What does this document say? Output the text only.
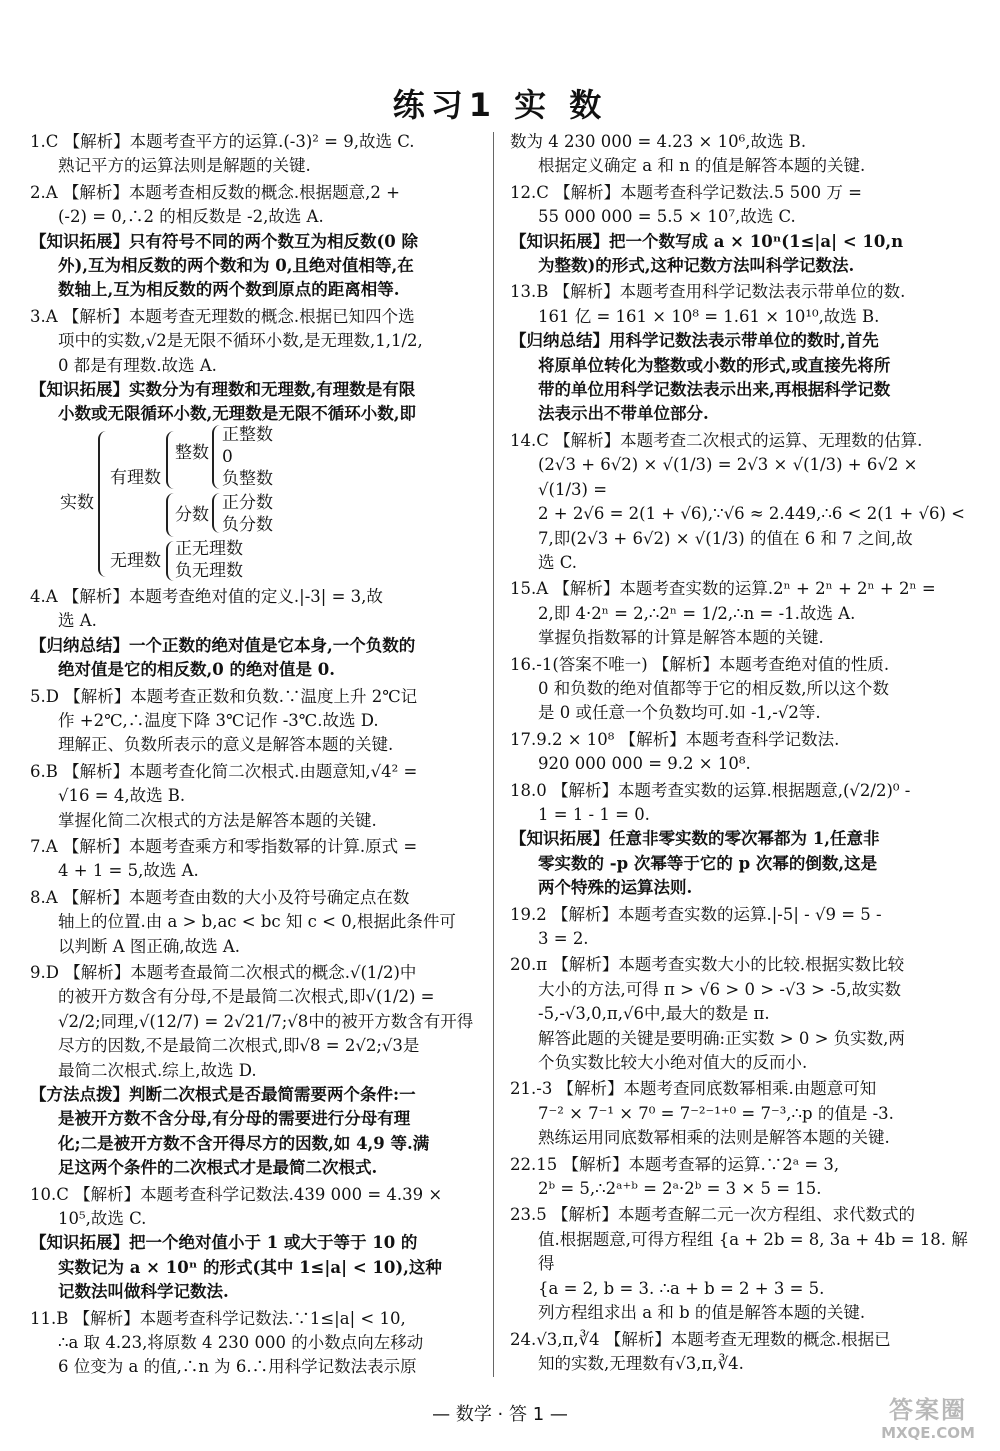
练习1 实 数
1.C 【解析】本题考查平方的运算.(-3)² = 9,故选 C.
熟记平方的运算法则是解题的关键.
2.A 【解析】本题考查相反数的概念.根据题意,2 +
(-2) = 0,∴2 的相反数是 -2,故选 A.
【知识拓展】只有符号不同的两个数互为相反数(0 除
外),互为相反数的两个数和为 0,且绝对值相等,在
数轴上,互为相反数的两个数到原点的距离相等.
3.A 【解析】本题考查无理数的概念.根据已知四个选
项中的实数,√2是无限不循环小数,是无理数,1,1/2,
0 都是有理数.故选 A.
【知识拓展】实数分为有理数和无理数,有理数是有限
小数或无限循环小数,无理数是无限不循环小数,即
实数
有理数
整数
正整数
0
负整数
分数
正分数
负分数
无理数
正无理数
负无理数
4.A 【解析】本题考查绝对值的定义.|-3| = 3,故
选 A.
【归纳总结】一个正数的绝对值是它本身,一个负数的
绝对值是它的相反数,0 的绝对值是 0.
5.D 【解析】本题考查正数和负数.∵温度上升 2℃记
作 +2℃,∴温度下降 3℃记作 -3℃.故选 D.
理解正、负数所表示的意义是解答本题的关键.
6.B 【解析】本题考查化简二次根式.由题意知,√4² =
√16 = 4,故选 B.
掌握化简二次根式的方法是解答本题的关键.
7.A 【解析】本题考查乘方和零指数幂的计算.原式 =
4 + 1 = 5,故选 A.
8.A 【解析】本题考查由数的大小及符号确定点在数
轴上的位置.由 a > b,ac < bc 知 c < 0,根据此条件可
以判断 A 图正确,故选 A.
9.D 【解析】本题考查最简二次根式的概念.√(1/2)中
的被开方数含有分母,不是最简二次根式,即√(1/2) =
√2/2;同理,√(12/7) = 2√21/7;√8中的被开方数含有开得
尽方的因数,不是最简二次根式,即√8 = 2√2;√3是
最简二次根式.综上,故选 D.
【方法点拨】判断二次根式是否最简需要两个条件:一
是被开方数不含分母,有分母的需要进行分母有理
化;二是被开方数不含开得尽方的因数,如 4,9 等.满
足这两个条件的二次根式才是最简二次根式.
10.C 【解析】本题考查科学记数法.439 000 = 4.39 ×
10⁵,故选 C.
【知识拓展】把一个绝对值小于 1 或大于等于 10 的
实数记为 a × 10ⁿ 的形式(其中 1≤|a| < 10),这种
记数法叫做科学记数法.
11.B 【解析】本题考查科学记数法.∵1≤|a| < 10,
∴a 取 4.23,将原数 4 230 000 的小数点向左移动
6 位变为 a 的值,∴n 为 6.∴用科学记数法表示原
数为 4 230 000 = 4.23 × 10⁶,故选 B.
根据定义确定 a 和 n 的值是解答本题的关键.
12.C 【解析】本题考查科学记数法.5 500 万 =
55 000 000 = 5.5 × 10⁷,故选 C.
【知识拓展】把一个数写成 a × 10ⁿ(1≤|a| < 10,n
为整数)的形式,这种记数方法叫科学记数法.
13.B 【解析】本题考查用科学记数法表示带单位的数.
161 亿 = 161 × 10⁸ = 1.61 × 10¹⁰,故选 B.
【归纳总结】用科学记数法表示带单位的数时,首先
将原单位转化为整数或小数的形式,或直接先将所
带的单位用科学记数法表示出来,再根据科学记数
法表示出不带单位部分.
14.C 【解析】本题考查二次根式的运算、无理数的估算.
(2√3 + 6√2) × √(1/3) = 2√3 × √(1/3) + 6√2 × √(1/3) =
2 + 2√6 = 2(1 + √6),∵√6 ≈ 2.449,∴6 < 2(1 + √6) <
7,即(2√3 + 6√2) × √(1/3) 的值在 6 和 7 之间,故
选 C.
15.A 【解析】本题考查实数的运算.2ⁿ + 2ⁿ + 2ⁿ + 2ⁿ =
2,即 4·2ⁿ = 2,∴2ⁿ = 1/2,∴n = -1.故选 A.
掌握负指数幂的计算是解答本题的关键.
16.-1(答案不唯一) 【解析】本题考查绝对值的性质.
0 和负数的绝对值都等于它的相反数,所以这个数
是 0 或任意一个负数均可.如 -1,-√2等.
17.9.2 × 10⁸ 【解析】本题考查科学记数法.
920 000 000 = 9.2 × 10⁸.
18.0 【解析】本题考查实数的运算.根据题意,(√2/2)⁰ -
1 = 1 - 1 = 0.
【知识拓展】任意非零实数的零次幂都为 1,任意非
零实数的 -p 次幂等于它的 p 次幂的倒数,这是
两个特殊的运算法则.
19.2 【解析】本题考查实数的运算.|-5| - √9 = 5 -
3 = 2.
20.π 【解析】本题考查实数大小的比较.根据实数比较
大小的方法,可得 π > √6 > 0 > -√3 > -5,故实数
-5,-√3,0,π,√6中,最大的数是 π.
解答此题的关键是要明确:正实数 > 0 > 负实数,两
个负实数比较大小绝对值大的反而小.
21.-3 【解析】本题考查同底数幂相乘.由题意可知
7⁻² × 7⁻¹ × 7⁰ = 7⁻²⁻¹⁺⁰ = 7⁻³,∴p 的值是 -3.
熟练运用同底数幂相乘的法则是解答本题的关键.
22.15 【解析】本题考查幂的运算.∵2ᵃ = 3,
2ᵇ = 5,∴2ᵃ⁺ᵇ = 2ᵃ·2ᵇ = 3 × 5 = 15.
23.5 【解析】本题考查解二元一次方程组、求代数式的
值.根据题意,可得方程组 {a + 2b = 8, 3a + 4b = 18. 解得
{a = 2, b = 3. ∴a + b = 2 + 3 = 5.
列方程组求出 a 和 b 的值是解答本题的关键.
24.√3,π,∛4 【解析】本题考查无理数的概念.根据已
知的实数,无理数有√3,π,∛4.
— 数学 · 答 1 —	答案圈
MXQE.COM
